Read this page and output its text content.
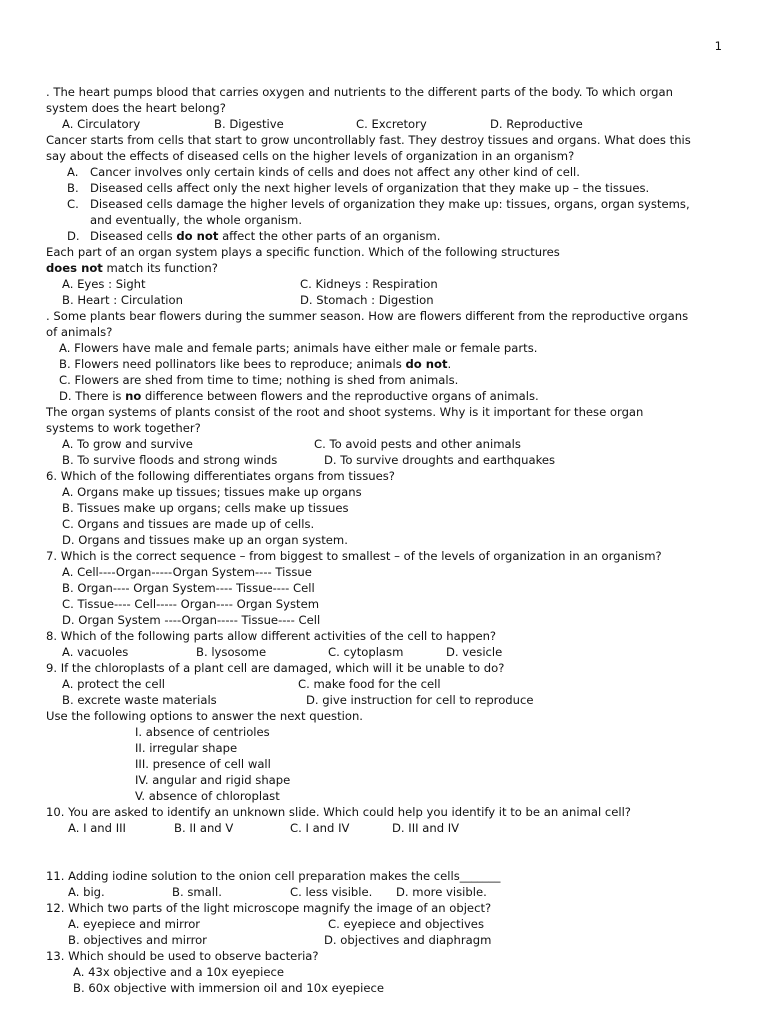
1
. The heart pumps blood that carries oxygen and nutrients to the different parts of the body. To which organ
system does the heart belong?
A. Circulatory	B. Digestive	C. Excretory	D. Reproductive
Cancer starts from cells that start to grow uncontrollably fast. They destroy tissues and organs. What does this
say about the effects of diseased cells on the higher levels of organization in an organism?
A. Cancer involves only certain kinds of cells and does not affect any other kind of cell.
B. Diseased cells affect only the next higher levels of organization that they make up – the tissues.
C. Diseased cells damage the higher levels of organization they make up: tissues, organs, organ systems,
and eventually, the whole organism.
D. Diseased cells do not affect the other parts of an organism.
Each part of an organ system plays a specific function. Which of the following structures
does not match its function?
A. Eyes : Sight	C. Kidneys : Respiration
B. Heart : Circulation	D. Stomach : Digestion
. Some plants bear flowers during the summer season. How are flowers different from the reproductive organs
of animals?
A. Flowers have male and female parts; animals have either male or female parts.
B. Flowers need pollinators like bees to reproduce; animals do not.
C. Flowers are shed from time to time; nothing is shed from animals.
D. There is no difference between flowers and the reproductive organs of animals.
The organ systems of plants consist of the root and shoot systems. Why is it important for these organ
systems to work together?
A. To grow and survive	C. To avoid pests and other animals
B. To survive floods and strong winds	D. To survive droughts and earthquakes
6. Which of the following differentiates organs from tissues?
A. Organs make up tissues; tissues make up organs
B. Tissues make up organs; cells make up tissues
C. Organs and tissues are made up of cells.
D. Organs and tissues make up an organ system.
7. Which is the correct sequence – from biggest to smallest – of the levels of organization in an organism?
A. Cell----Organ-----Organ System---- Tissue
B. Organ---- Organ System---- Tissue---- Cell
C. Tissue---- Cell----- Organ---- Organ System
D. Organ System ----Organ----- Tissue---- Cell
8. Which of the following parts allow different activities of the cell to happen?
A. vacuoles	B. lysosome	C. cytoplasm	D. vesicle
9. If the chloroplasts of a plant cell are damaged, which will it be unable to do?
A. protect the cell	C. make food for the cell
B. excrete waste materials	D. give instruction for cell to reproduce
Use the following options to answer the next question.
I. absence of centrioles
II. irregular shape
III. presence of cell wall
IV. angular and rigid shape
V. absence of chloroplast
10. You are asked to identify an unknown slide. Which could help you identify it to be an animal cell?
A. I and III	B. II and V	C. I and IV	D. III and IV
11. Adding iodine solution to the onion cell preparation makes the cells_______
A. big.	B. small.	C. less visible. D. more visible.
12. Which two parts of the light microscope magnify the image of an object?
A. eyepiece and mirror	C. eyepiece and objectives
B. objectives and mirror	D. objectives and diaphragm
13. Which should be used to observe bacteria?
A. 43x objective and a 10x eyepiece
B. 60x objective with immersion oil and 10x eyepiece
